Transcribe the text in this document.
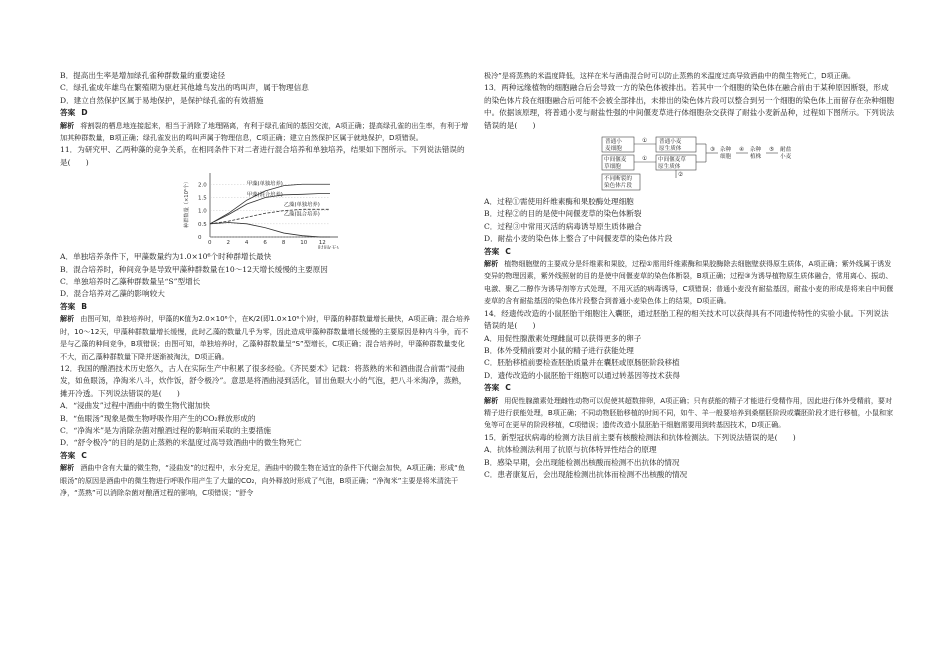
B．提高出生率是增加绿孔雀种群数量的重要途径

C．绿孔雀成年雄鸟在繁殖期为驱赶其他雄鸟发出的鸣叫声，属于物理信息

D．建立自然保护区属于易地保护，是保护绿孔雀的有效措施

答案 D

解析 将割裂的栖息地连接起来，相当于消除了地理隔离，有利于绿孔雀间的基因交流，A项正确；提高绿孔雀的出生率，有利于增加其种群数量，B项正确；绿孔雀发出的鸣叫声属于物理信息，C项正确；建立自然保护区属于就地保护，D项错误。

11．为研究甲、乙两种藻的竞争关系，在相同条件下对二者进行混合培养和单独培养，结果如下图所示。下列说法错误的是(　　)

0	2	4	6	8	10 12
0
0.5
1.0
1.5
2.0
种群数量（×10⁶个）
时间(天)
甲藻(单独培养)
甲藻(混合培养)
乙藻(单独培养)
乙藻(混合培养)

A．单独培养条件下，甲藻数量约为1.0×10⁶个时种群增长最快

B．混合培养时，种间竞争是导致甲藻种群数量在10～12天增长缓慢的主要原因

C．单独培养时乙藻种群数量呈“S”型增长

D．混合培养对乙藻的影响较大

答案 B

解析 由图可知，单独培养时，甲藻的K值为2.0×10⁶个，在K/2(即1.0×10⁶个)时，甲藻的种群数量增长最快，A项正确；混合培养时，10～12天，甲藻种群数量增长缓慢，此时乙藻的数量几乎为零，因此造成甲藻种群数量增长缓慢的主要原因是种内斗争，而不是与乙藻的种间竞争，B项错误；由图可知，单独培养时，乙藻种群数量呈“S”型增长，C项正确；混合培养时，甲藻种群数量变化不大，而乙藻种群数量下降并逐渐被淘汰，D项正确。

12．我国的酿酒技术历史悠久，古人在实际生产中积累了很多经验。《齐民要术》记载：将蒸熟的米和酒曲混合前需“浸曲发，如鱼眼汤，净淘米八斗，炊作饭，舒令极冷”。意思是将酒曲浸到活化，冒出鱼眼大小的气泡，把八斗米淘净，蒸熟，摊开冷透。下列说法错误的是(　　)

A．“浸曲发”过程中酒曲中的微生物代谢加快

B．“鱼眼汤”现象是微生物呼吸作用产生的CO₂释放形成的

C．“净淘米”是为消除杂菌对酿酒过程的影响而采取的主要措施

D．“舒令极冷”的目的是防止蒸熟的米温度过高导致酒曲中的微生物死亡

答案 C

解析 酒曲中含有大量的微生物，“浸曲发”的过程中，水分充足，酒曲中的微生物在适宜的条件下代谢会加快，A项正确；形成“鱼眼汤”的原因是酒曲中的微生物进行呼吸作用产生了大量的CO₂，向外释放时形成了气泡，B项正确；“净淘米”主要是将米清洗干净，“蒸熟”可以消除杂菌对酿酒过程的影响，C项错误；“舒令

极冷”是将蒸熟的米温度降低，这样在米与酒曲混合时可以防止蒸熟的米温度过高导致酒曲中的微生物死亡，D项正确。

13．两种远缘植物的细胞融合后会导致一方的染色体被排出。若其中一个细胞的染色体在融合前由于某种原因断裂，形成的染色体片段在细胞融合后可能不会被全部排出，未排出的染色体片段可以整合到另一个细胞的染色体上而留存在杂种细胞中。依据该原理，将普通小麦与耐盐性强的中间偃麦草进行体细胞杂交获得了耐盐小麦新品种，过程如下图所示。下列说法错误的是(　　)

普通小
麦细胞
① 普通小麦
原生质体
中间偃麦
草细胞
① 中间偃麦草
原生质体
②
不同断裂的
染色体片段
③ 杂种
细胞
④ 杂种
植株
⑤ 耐盐
小麦

A．过程①需使用纤维素酶和果胶酶处理细胞

B．过程②的目的是使中间偃麦草的染色体断裂

C．过程③中常用灭活的病毒诱导原生质体融合

D．耐盐小麦的染色体上整合了中间偃麦草的染色体片段

答案 C

解析 植物细胞壁的主要成分是纤维素和果胶，过程①需用纤维素酶和果胶酶除去细胞壁获得原生质体，A项正确；紫外线属于诱发变异的物理因素，紫外线照射的目的是使中间偃麦草的染色体断裂，B项正确；过程③为诱导植物原生质体融合，常用离心、振动、电激、聚乙二醇作为诱导剂等方式处理，不用灭活的病毒诱导，C项错误；普通小麦没有耐盐基因，耐盐小麦的形成是将来自中间偃麦草的含有耐盐基因的染色体片段整合到普通小麦染色体上的结果，D项正确。

14．经遗传改造的小鼠胚胎干细胞注入囊胚，通过胚胎工程的相关技术可以获得具有不同遗传特性的实验小鼠。下列说法错误的是(　　)

A．用促性腺激素处理雌鼠可以获得更多的卵子

B．体外受精前要对小鼠的精子进行获能处理

C．胚胎移植前要检查胚胎质量并在囊胚或原肠胚阶段移植

D．遗传改造的小鼠胚胎干细胞可以通过转基因等技术获得

答案 C

解析 用促性腺激素处理雌性动物可以促使其超数排卵，A项正确；只有获能的精子才能进行受精作用，因此进行体外受精前，要对精子进行获能处理，B项正确；不同动物胚胎移植的时间不同，如牛、羊一般要培养到桑椹胚阶段或囊胚阶段才进行移植，小鼠和家兔等可在更早的阶段移植，C项错误；遗传改造小鼠胚胎干细胞需要用到转基因技术，D项正确。

15．新型冠状病毒的检测方法目前主要有核酸检测法和抗体检测法。下列说法错误的是(　　)

A．抗体检测法利用了抗原与抗体特异性结合的原理

B．感染早期，会出现能检测出核酸而检测不出抗体的情况

C．患者康复后，会出现能检测出抗体而检测不出核酸的情况
